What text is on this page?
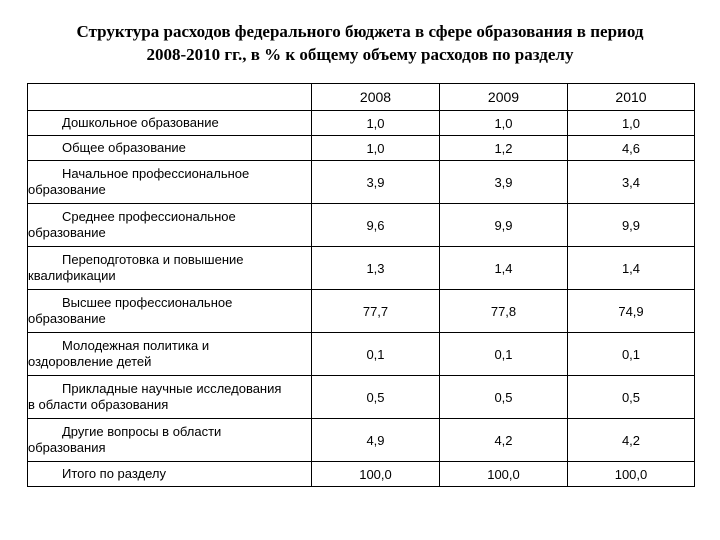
Структура расходов федерального бюджета в сфере образования в период
2008-2010 гг., в % к общему объему расходов по разделу
	2008	2009	2010

Дошкольное образование	1,0	1,0	1,0

Общее образование	1,0	1,2	4,6

Начальное профессиональное
образование	3,9	3,9	3,4

Среднее профессиональное
образование	9,6	9,9	9,9

Переподготовка и повышение
квалификации	1,3	1,4	1,4

Высшее профессиональное
образование	77,7	77,8	74,9

Молодежная политика и
оздоровление детей	0,1	0,1	0,1

Прикладные научные исследования
в области образования	0,5	0,5	0,5

Другие вопросы в области
образования	4,9	4,2	4,2

Итого по разделу	100,0	100,0	100,0
